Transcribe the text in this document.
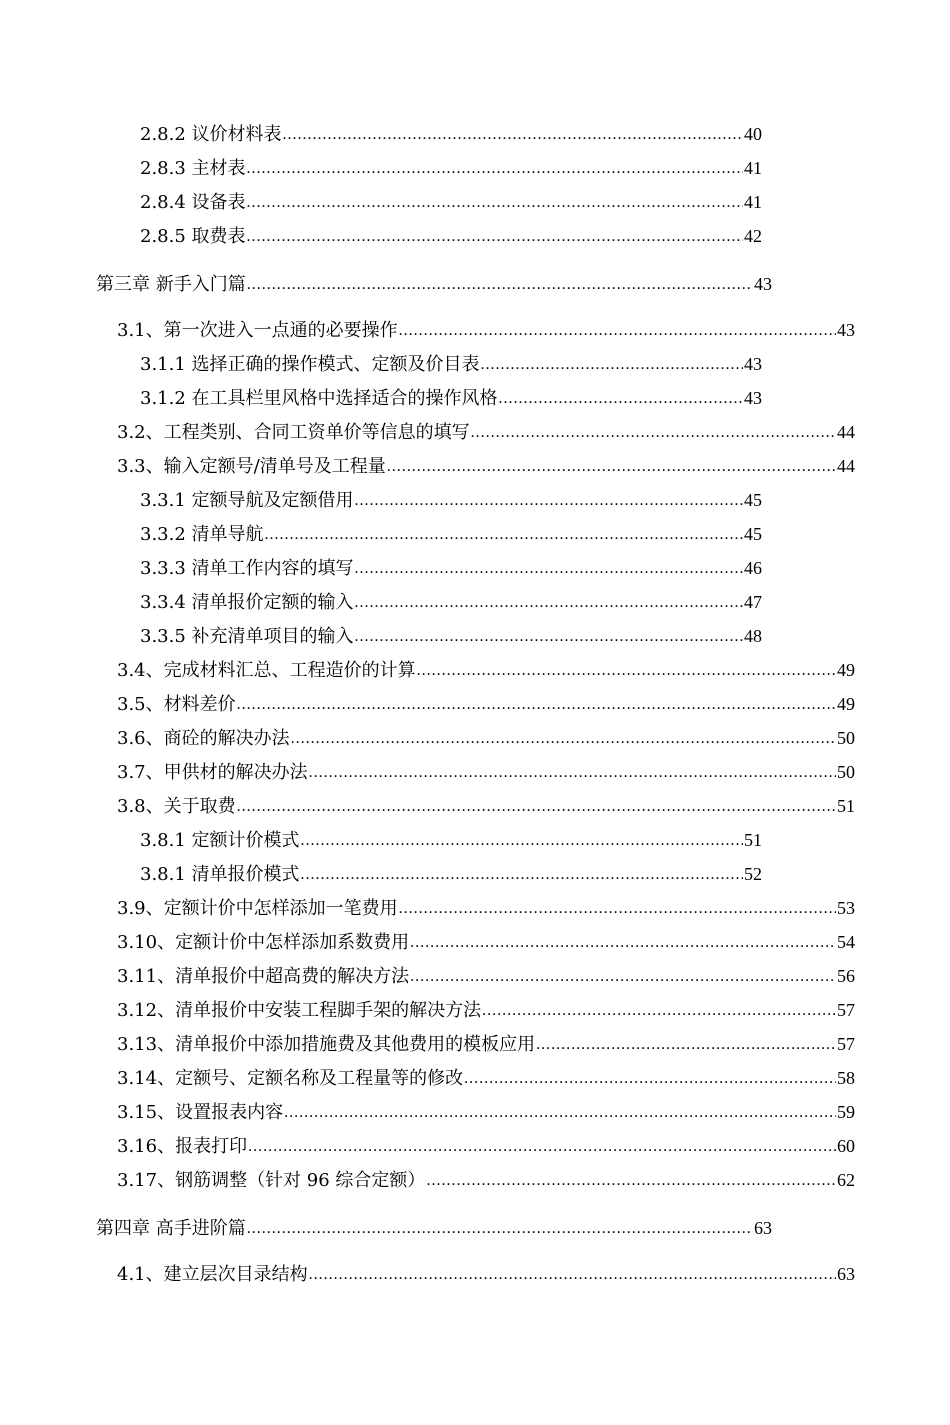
2.8.2 议价材料表 .....	40
2.8.3 主材表 .....	41
2.8.4 设备表 .....	41
2.8.5 取费表 .....	42
第三章 新手入门篇 .....	43
3.1、第一次进入一点通的必要操作 .....	43
3.1.1 选择正确的操作模式、定额及价目表 .....	43
3.1.2 在工具栏里风格中选择适合的操作风格 .....	43
3.2、工程类别、合同工资单价等信息的填写 .....	44
3.3、输入定额号/清单号及工程量 .....	44
3.3.1 定额导航及定额借用 .....	45
3.3.2 清单导航 .....	45
3.3.3 清单工作内容的填写 .....	46
3.3.4 清单报价定额的输入 .....	47
3.3.5 补充清单项目的输入 .....	48
3.4、完成材料汇总、工程造价的计算 .....	49
3.5、材料差价 .....	49
3.6、商砼的解决办法 .....	50
3.7、甲供材的解决办法 .....	50
3.8、关于取费 .....	51
3.8.1 定额计价模式 .....	51
3.8.1 清单报价模式 .....	52
3.9、定额计价中怎样添加一笔费用 .....	53
3.10、定额计价中怎样添加系数费用 .....	54
3.11、清单报价中超高费的解决方法 .....	56
3.12、清单报价中安装工程脚手架的解决方法 .....	57
3.13、清单报价中添加措施费及其他费用的模板应用 .....	57
3.14、定额号、定额名称及工程量等的修改 .....	58
3.15、设置报表内容 .....	59
3.16、报表打印 .....	60
3.17、钢筋调整（针对 96 综合定额） .....	62
第四章 高手进阶篇 .....	63
4.1、建立层次目录结构 .....	63
